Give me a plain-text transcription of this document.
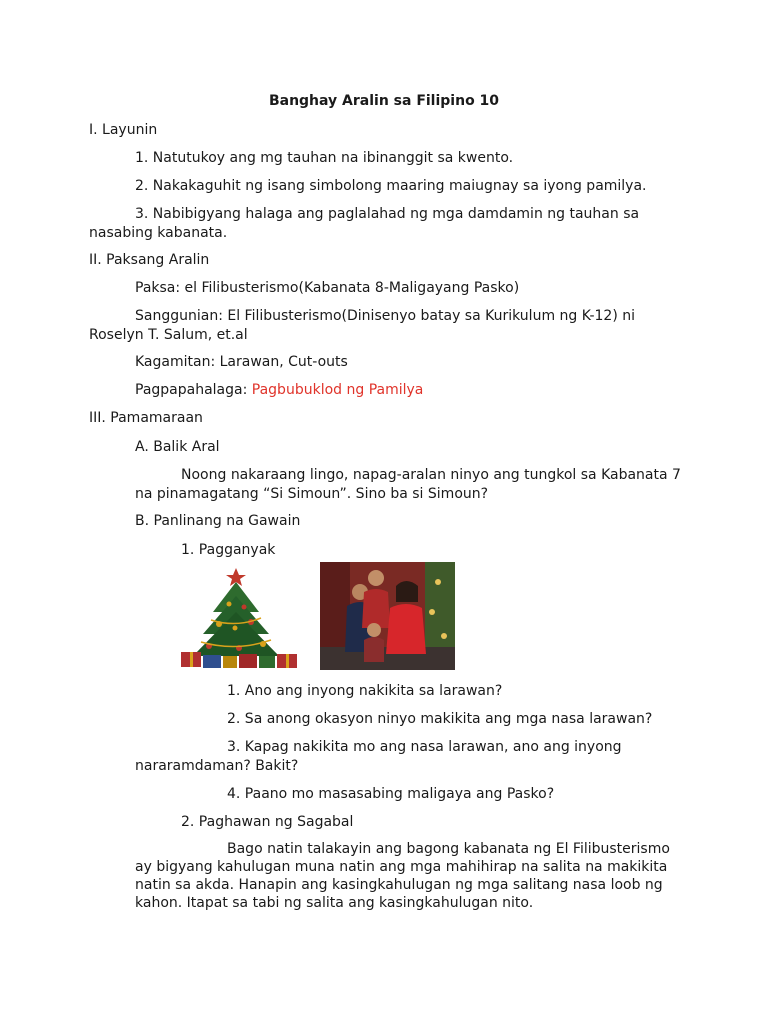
Banghay Aralin sa Filipino 10
I. Layunin
1. Natutukoy ang mg tauhan na ibinanggit sa kwento.
2. Nakakaguhit ng isang simbolong maaring maiugnay sa iyong pamilya.
3. Nabibigyang halaga ang paglalahad ng mga damdamin ng tauhan sa
nasabing kabanata.
II. Paksang Aralin
Paksa: el Filibusterismo(Kabanata 8-Maligayang Pasko)
Sanggunian: El Filibusterismo(Dinisenyo batay sa Kurikulum ng K-12) ni
Roselyn T. Salum, et.al
Kagamitan: Larawan, Cut-outs
Pagpapahalaga: Pagbubuklod ng Pamilya
III. Pamamaraan
A. Balik Aral
Noong nakaraang lingo, napag-aralan ninyo ang tungkol sa Kabanata 7
na pinamagatang “Si Simoun”. Sino ba si Simoun?
B. Panlinang na Gawain
1. Pagganyak
1. Ano ang inyong nakikita sa larawan?
2. Sa anong okasyon ninyo makikita ang mga nasa larawan?
3. Kapag nakikita mo ang nasa larawan, ano ang inyong
nararamdaman? Bakit?
4. Paano mo masasabing maligaya ang Pasko?
2. Paghawan ng Sagabal
Bago natin talakayin ang bagong kabanata ng El Filibusterismo
ay bigyang kahulugan muna natin ang mga mahihirap na salita na makikita
natin sa akda. Hanapin ang kasingkahulugan ng mga salitang nasa loob ng
kahon. Itapat sa tabi ng salita ang kasingkahulugan nito.
